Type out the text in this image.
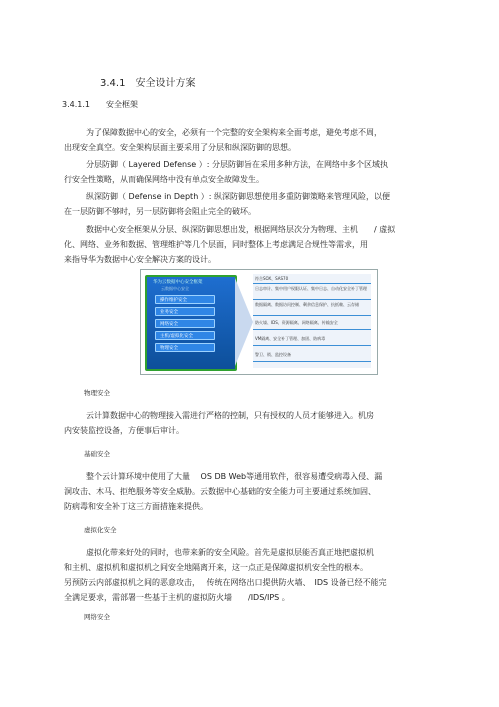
3.4.1　安全设计方案
3.4.1.1　　安全框架
为了保障数据中心的安全，必须有一个完整的安全架构来全面考虑，避免考虑不周，
出现安全真空。安全架构层面主要采用了分层和纵深防御的思想。
分层防御（ Layered Defense ）: 分层防御旨在采用多种方法，在网络中多个区域执
行安全性策略，从而确保网络中没有单点安全故障发生。
纵深防御（ Defense in Depth ）: 纵深防御思想使用多重防御策略来管理风险，以便
在一层防御不够时，另一层防御将会阻止完全的破坏。
数据中心安全框架从分层、纵深防御思想出发，根据网络层次分为物理、主机　　/ 虚拟
化、网络、业务和数据、管理维护等几个层面，同时整体上考虑满足合规性等需求，用
来指导华为数据中心安全解决方案的设计。
华为云数据中心安全框架
云数据中心安全
操作维护安全
业务安全
网络安全
主机/虚拟化安全
物理安全
符合SOX、SAS70
日志审计、集中用户权限认证、集中日志、自动化安全补丁管理
数据隔离、数据访问控制、剩余信息保护、抗抵赖、云存储
防火墙、IDS、资源隔离、网络隔离、传输安全
VM隔离、安全补丁管理、加固、防病毒
警卫、锁、监控设备
物理安全
云计算数据中心的物理接入需进行严格的控制，只有授权的人员才能够进入。机房
内安装监控设备，方便事后审计。
基础安全
整个云计算环境中使用了大量　 OS DB Web等通用软件，很容易遭受病毒入侵、漏
洞攻击、木马、拒绝服务等安全威胁。云数据中心基础的安全能力可主要通过系统加固、
防病毒和安全补丁这三方面措施来提供。
虚拟化安全
虚拟化带来好处的同时，也带来新的安全风险。首先是虚拟层能否真正地把虚拟机
和主机、虚拟机和虚拟机之间安全地隔离开来，这一点正是保障虚拟机安全性的根本。
另预防云内部虚拟机之间的恶意攻击，　 传统在网络出口提供防火墙、　IDS 设备已经不能完
全满足要求，需部署一些基于主机的虚拟防火墙　　/IDS/IPS 。
网络安全
